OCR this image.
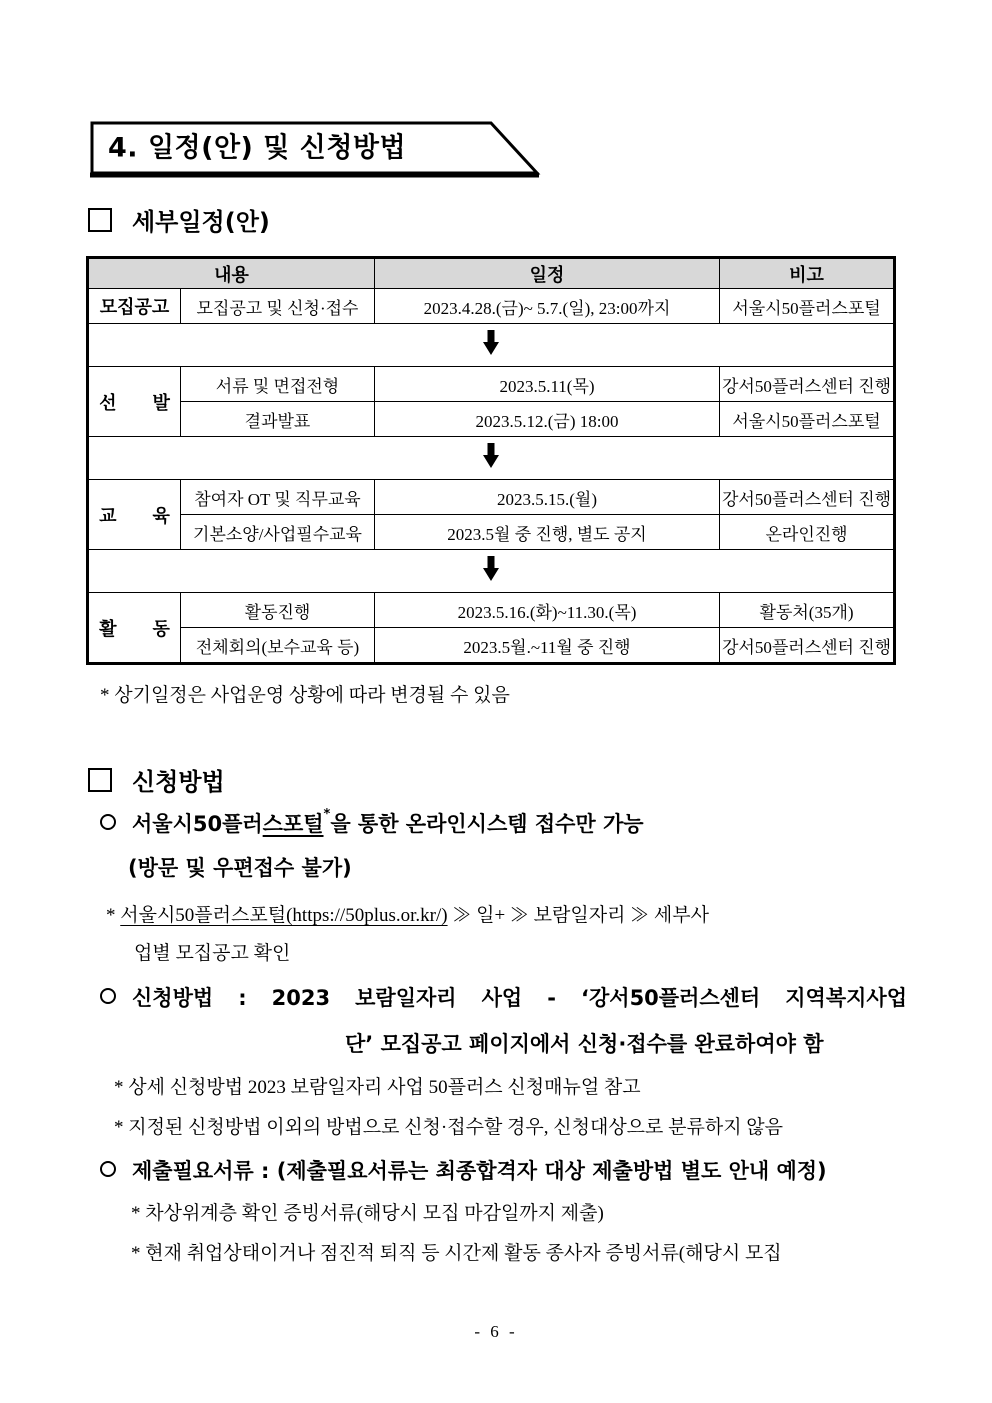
4. 일정(안) 및 신청방법
세부일정(안)
내용		일정	비고
모집공고	모집공고 및 신청·접수	2023.4.28.(금)~ 5.7.(일), 23:00까지	서울시50플러스포털

선　　발	서류 및 면접전형	2023.5.11(목)	강서50플러스센터 진행
	결과발표	2023.5.12.(금) 18:00	서울시50플러스포털

교　　육	참여자 OT 및 직무교육	2023.5.15.(월)	강서50플러스센터 진행
	기본소양/사업필수교육	2023.5월 중 진행, 별도 공지	온라인진행

활　　동	활동진행	2023.5.16.(화)~11.30.(목)	활동처(35개)
	전체회의(보수교육 등)	2023.5월.~11월 중 진행	강서50플러스센터 진행
* 상기일정은 사업운영 상황에 따라 변경될 수 있음
신청방법
서울시50플러스포털*을 통한 온라인시스템 접수만 가능
(방문 및 우편접수 불가)
* 서울시50플러스포털(https://50plus.or.kr/) ≫ 일+ ≫ 보람일자리 ≫ 세부사
업별 모집공고 확인
신청방법 : 2023 보람일자리 사업 - ‘강서50플러스센터 지역복지사업
단’ 모집공고 페이지에서 신청·접수를 완료하여야 함
* 상세 신청방법 2023 보람일자리 사업 50플러스 신청매뉴얼 참고
* 지정된 신청방법 이외의 방법으로 신청·접수할 경우, 신청대상으로 분류하지 않음
제출필요서류 : (제출필요서류는 최종합격자 대상 제출방법 별도 안내 예정)
* 차상위계층 확인 증빙서류(해당시 모집 마감일까지 제출)
* 현재 취업상태이거나 점진적 퇴직 등 시간제 활동 종사자 증빙서류(해당시 모집
- 6 -
